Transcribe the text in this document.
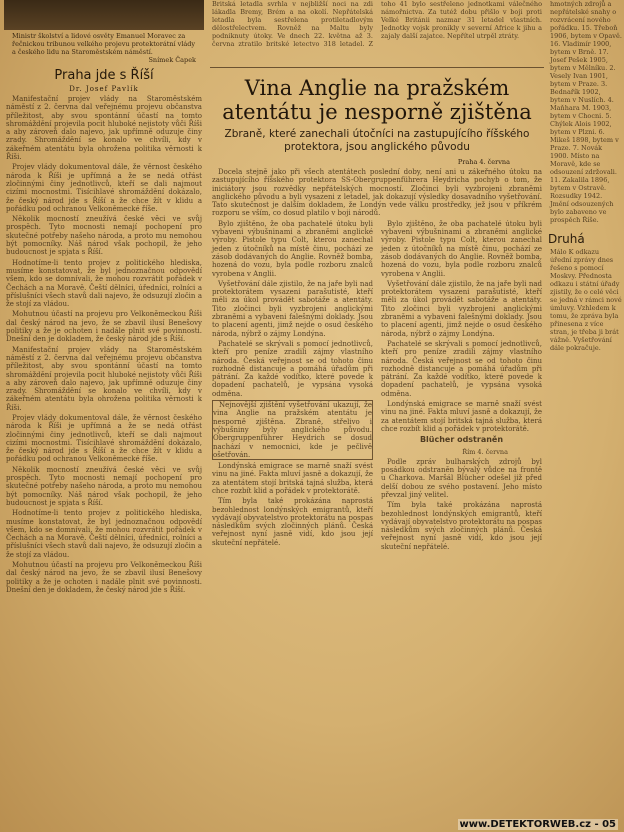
Ministr školství a lidové osvěty Emanuel Moravec za řečnickou tribunou velkého projevu protektorátní vlády a českého lidu na Staroměstském náměstí.
Snímek Čapek
Praha jde s Říší
Dr. Josef Pavlík

Manifestační projev vlády na Staroměstském náměstí z 2. června dal veřejnému projevu občanstva příležitost, aby svou spontánní účastí na tomto shromáždění projevila pocit hluboké nejistoty vůči Říši a aby zároveň dalo najevo, jak upřímně oduzuje činy zrady. Shromáždění se konalo ve chvíli, kdy v zákeřném atentátu byla ohrožena politika věrnosti k Říši.

Projev vlády dokumentoval dále, že věrnost českého národa k Říši je upřímná a že se nedá otřást zločinnými činy jednotlivců, kteří se dali najmout cizími mocnostmi. Tisícihlavé shromáždění dokázalo, že český národ jde s Říší a že chce žít v klidu a pořádku pod ochranou Velkoněmecké říše.

Několik mocností zneužívá české věci ve svůj prospěch. Tyto mocnosti nemají pochopení pro skutečné potřeby našeho národa, a proto mu nemohou být pomocníky. Náš národ však pochopil, že jeho budoucnost je spjata s Říší.

Hodnotíme-li tento projev z politického hlediska, musíme konstatovat, že byl jednoznačnou odpovědí všem, kdo se domnívali, že mohou rozvrátit pořádek v Čechách a na Moravě. Čeští dělníci, úředníci, rolníci a příslušníci všech stavů dali najevo, že odsuzují zločin a že stojí za vládou.

Mohutnou účastí na projevu pro Velkoněmeckou Říši dal český národ na jevo, že se zbavil ilusí Benešovy politiky a že je ochoten i nadále plnit své povinnosti. Dnešní den je dokladem, že český národ jde s Říší.

Manifestační projev vlády na Staroměstském náměstí z 2. června dal veřejnému projevu občanstva příležitost, aby svou spontánní účastí na tomto shromáždění projevila pocit hluboké nejistoty vůči Říši a aby zároveň dalo najevo, jak upřímně oduzuje činy zrady. Shromáždění se konalo ve chvíli, kdy v zákeřném atentátu byla ohrožena politika věrnosti k Říši.

Projev vlády dokumentoval dále, že věrnost českého národa k Říši je upřímná a že se nedá otřást zločinnými činy jednotlivců, kteří se dali najmout cizími mocnostmi. Tisícihlavé shromáždění dokázalo, že český národ jde s Říší a že chce žít v klidu a pořádku pod ochranou Velkoněmecké říše.

Několik mocností zneužívá české věci ve svůj prospěch. Tyto mocnosti nemají pochopení pro skutečné potřeby našeho národa, a proto mu nemohou být pomocníky. Náš národ však pochopil, že jeho budoucnost je spjata s Říší.

Hodnotíme-li tento projev z politického hlediska, musíme konstatovat, že byl jednoznačnou odpovědí všem, kdo se domnívali, že mohou rozvrátit pořádek v Čechách a na Moravě. Čeští dělníci, úředníci, rolníci a příslušníci všech stavů dali najevo, že odsuzují zločin a že stojí za vládou.

Mohutnou účastí na projevu pro Velkoněmeckou Říši dal český národ na jevo, že se zbavil ilusí Benešovy politiky a že je ochoten i nadále plnit své povinnosti. Dnešní den je dokladem, že český národ jde s Říší.

Britská letadla svrhla v nejbližší noci na zdi lákadla Bremy, Brém a na okolí. Nepřátelská letadla byla sestřelena protiletadlovým dělostřelectvem. Rovněž na Maltu byly podniknuty útoky. Ve dnech 22. května až 3. června ztratilo britské letectvo 318 letadel. Z toho 41 bylo sestřeleno jednotkami válečného námořnictva. Za tutéž dobu přišlo v boji proti Velké Británii nazmar 31 letadel vlastních. Jednotky vojsk pronikly v severní Africe k jihu a zajaly další zajatce. Nepřítel utrpěl ztráty.
Vina Anglie na pražském atentátu je nesporně zjištěna
Zbraně, které zanechali útočníci na zastupujícího říšského protektora, jsou anglického původu
Praha 4. června

Docela stejně jako při všech atentátech poslední doby, není ani u zákeřného útoku na zastupujícího říšského protektora SS-Obergruppenführera Heydricha pochyb o tom, že iniciátory jsou rozvědky nepřátelských mocností. Zločinci byli vyzbrojeni zbraněmi anglického původu a byli vysazeni z letadel, jak dokazují výsledky dosavadního vyšetřování. Tato skutečnost je dalším dokladem, že Londýn vede válku prostředky, jež jsou v příkrém rozporu se vším, co dosud platilo v boji národů.

Bylo zjištěno, že oba pachatelé útoku byli vybaveni výbušninami a zbraněmi anglické výroby. Pistole typu Colt, kterou zanechal jeden z útočníků na místě činu, pochází ze zásob dodávaných do Anglie. Rovněž bomba, hozená do vozu, byla podle rozboru znalců vyrobena v Anglii.

Vyšetřování dále zjistilo, že na jaře byli nad protektorátem vysazeni parašutisté, kteří měli za úkol provádět sabotáže a atentáty. Tito zločinci byli vyzbrojeni anglickými zbraněmi a vybaveni falešnými doklady. Jsou to placení agenti, jimž nejde o osud českého národa, nýbrž o zájmy Londýna.

Pachatelé se skrývali s pomocí jednotlivců, kteří pro peníze zradili zájmy vlastního národa. Česká veřejnost se od tohoto činu rozhodně distancuje a pomáhá úřadům při pátrání. Za každé vodítko, které povede k dopadení pachatelů, je vypsána vysoká odměna.

Nejnovější zjištění vyšetřování ukazují, že vina Anglie na pražském atentátu je nesporně zjištěna. Zbraně, střelivo i výbušniny byly anglického původu. Obergruppenführer Heydrich se dosud nachází v nemocnici, kde je pečlivě ošetřován.

Londýnská emigrace se marně snaží svést vinu na jiné. Fakta mluví jasně a dokazují, že za atentátem stojí britská tajná služba, která chce rozbít klid a pořádek v protektorátě.

Tím byla také prokázána naprostá bezohlednost londýnských emigrantů, kteří vydávají obyvatelstvo protektorátu na pospas následkům svých zločinných plánů. Česká veřejnost nyní jasně vidí, kdo jsou její skuteční nepřátelé.

Bylo zjištěno, že oba pachatelé útoku byli vybaveni výbušninami a zbraněmi anglické výroby. Pistole typu Colt, kterou zanechal jeden z útočníků na místě činu, pochází ze zásob dodávaných do Anglie. Rovněž bomba, hozená do vozu, byla podle rozboru znalců vyrobena v Anglii.

Vyšetřování dále zjistilo, že na jaře byli nad protektorátem vysazeni parašutisté, kteří měli za úkol provádět sabotáže a atentáty. Tito zločinci byli vyzbrojeni anglickými zbraněmi a vybaveni falešnými doklady. Jsou to placení agenti, jimž nejde o osud českého národa, nýbrž o zájmy Londýna.

Pachatelé se skrývali s pomocí jednotlivců, kteří pro peníze zradili zájmy vlastního národa. Česká veřejnost se od tohoto činu rozhodně distancuje a pomáhá úřadům při pátrání. Za každé vodítko, které povede k dopadení pachatelů, je vypsána vysoká odměna.

Londýnská emigrace se marně snaží svést vinu na jiné. Fakta mluví jasně a dokazují, že za atentátem stojí britská tajná služba, která chce rozbít klid a pořádek v protektorátě.

Blücher odstraněn
Řím 4. června

Podle zpráv bulharských zdrojů byl posádkou odstraněn bývalý vůdce na frontě u Charkova. Maršál Blücher odešel již před delší dobou ze svého postavení. Jeho místo převzal jiný velitel.

Tím byla také prokázána naprostá bezohlednost londýnských emigrantů, kteří vydávají obyvatelstvo protektorátu na pospas následkům svých zločinných plánů. Česká veřejnost nyní jasně vidí, kdo jsou její skuteční nepřátelé.

hmotných zdrojů a nepřátelské snahy o rozvrácení nového pořádku. 15. Třeboň 1906, bytem v Opavě. 16. Vladimír 1900, bytem v Brně. 17. Josef Pešek 1905, bytem v Mělníku. 2. Vesely Ivan 1901, bytem v Praze. 3. Bednařík 1902, bytem v Nuslích. 4. Maňhara M. 1903, bytem v Chocni. 5. Chýlek Alois 1902, bytem v Plzni. 6. Mikeš 1898, bytem v Praze. 7. Novák 1900. Místo na Moravě, kde se odsouzení zdržovali. 11. Zakalila 1896, bytem v Ostravě. Rozsudky 1942. Jmění odsouzených bylo zabaveno ve prospěch Říše.
Druhá
Málo K odkazu úřední zprávy dnes řešeno s pomocí Moskvy. Přednosta odkazu i státní úřady zjistily, že o celé věci se jedná v rámci nové úmluvy. Vzhledem k tomu, že zpráva byla přinesena z více stran, je třeba ji brát vážně. Vyšetřování dále pokračuje.
www.DETEKTORWEB.cz - 05
